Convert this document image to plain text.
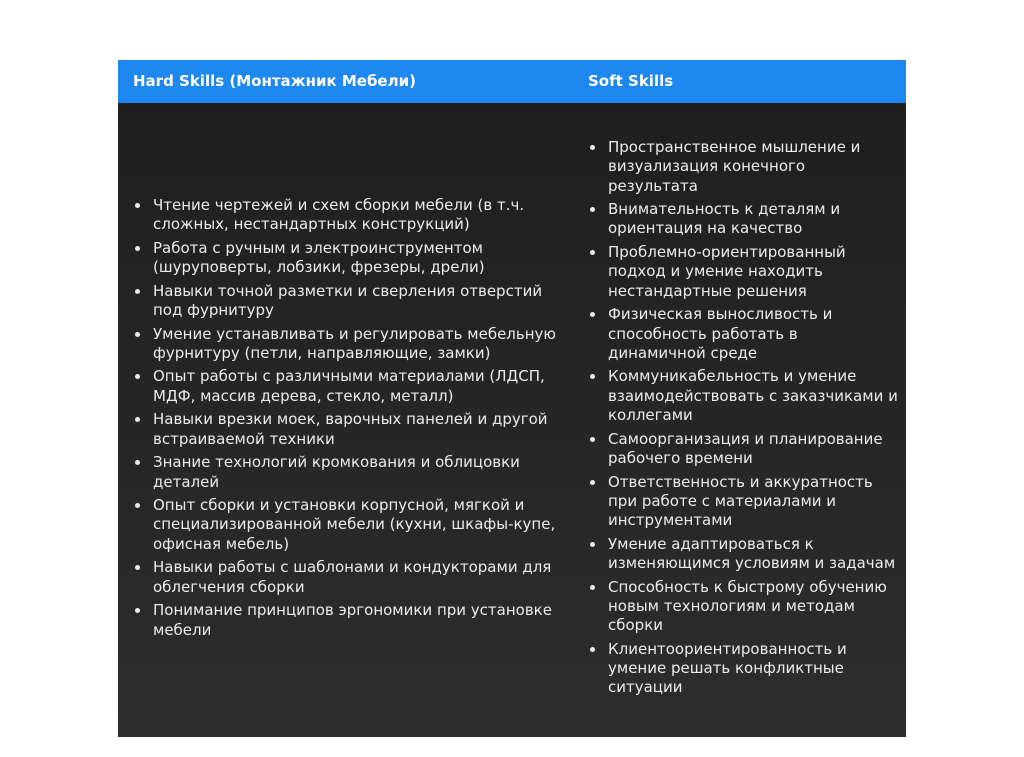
Hard Skills (Монтажник Мебели)	Soft Skills
Чтение чертежей и схем сборки мебели (в т.ч. сложных, нестандартных конструкций)
Работа с ручным и электроинструментом (шуруповерты, лобзики, фрезеры, дрели)
Навыки точной разметки и сверления отверстий под фурнитуру
Умение устанавливать и регулировать мебельную фурнитуру (петли, направляющие, замки)
Опыт работы с различными материалами (ЛДСП, МДФ, массив дерева, стекло, металл)
Навыки врезки моек, варочных панелей и другой встраиваемой техники
Знание технологий кромкования и облицовки деталей
Опыт сборки и установки корпусной, мягкой и специализированной мебели (кухни, шкафы-купе, офисная мебель)
Навыки работы с шаблонами и кондукторами для облегчения сборки
Понимание принципов эргономики при установке мебели
Пространственное мышление и визуализация конечного результата
Внимательность к деталям и ориентация на качество
Проблемно-ориентированный подход и умение находить нестандартные решения
Физическая выносливость и способность работать в динамичной среде
Коммуникабельность и умение взаимодействовать с заказчиками и коллегами
Самоорганизация и планирование рабочего времени
Ответственность и аккуратность при работе с материалами и инструментами
Умение адаптироваться к изменяющимся условиям и задачам
Способность к быстрому обучению новым технологиям и методам сборки
Клиентоориентированность и умение решать конфликтные ситуации
